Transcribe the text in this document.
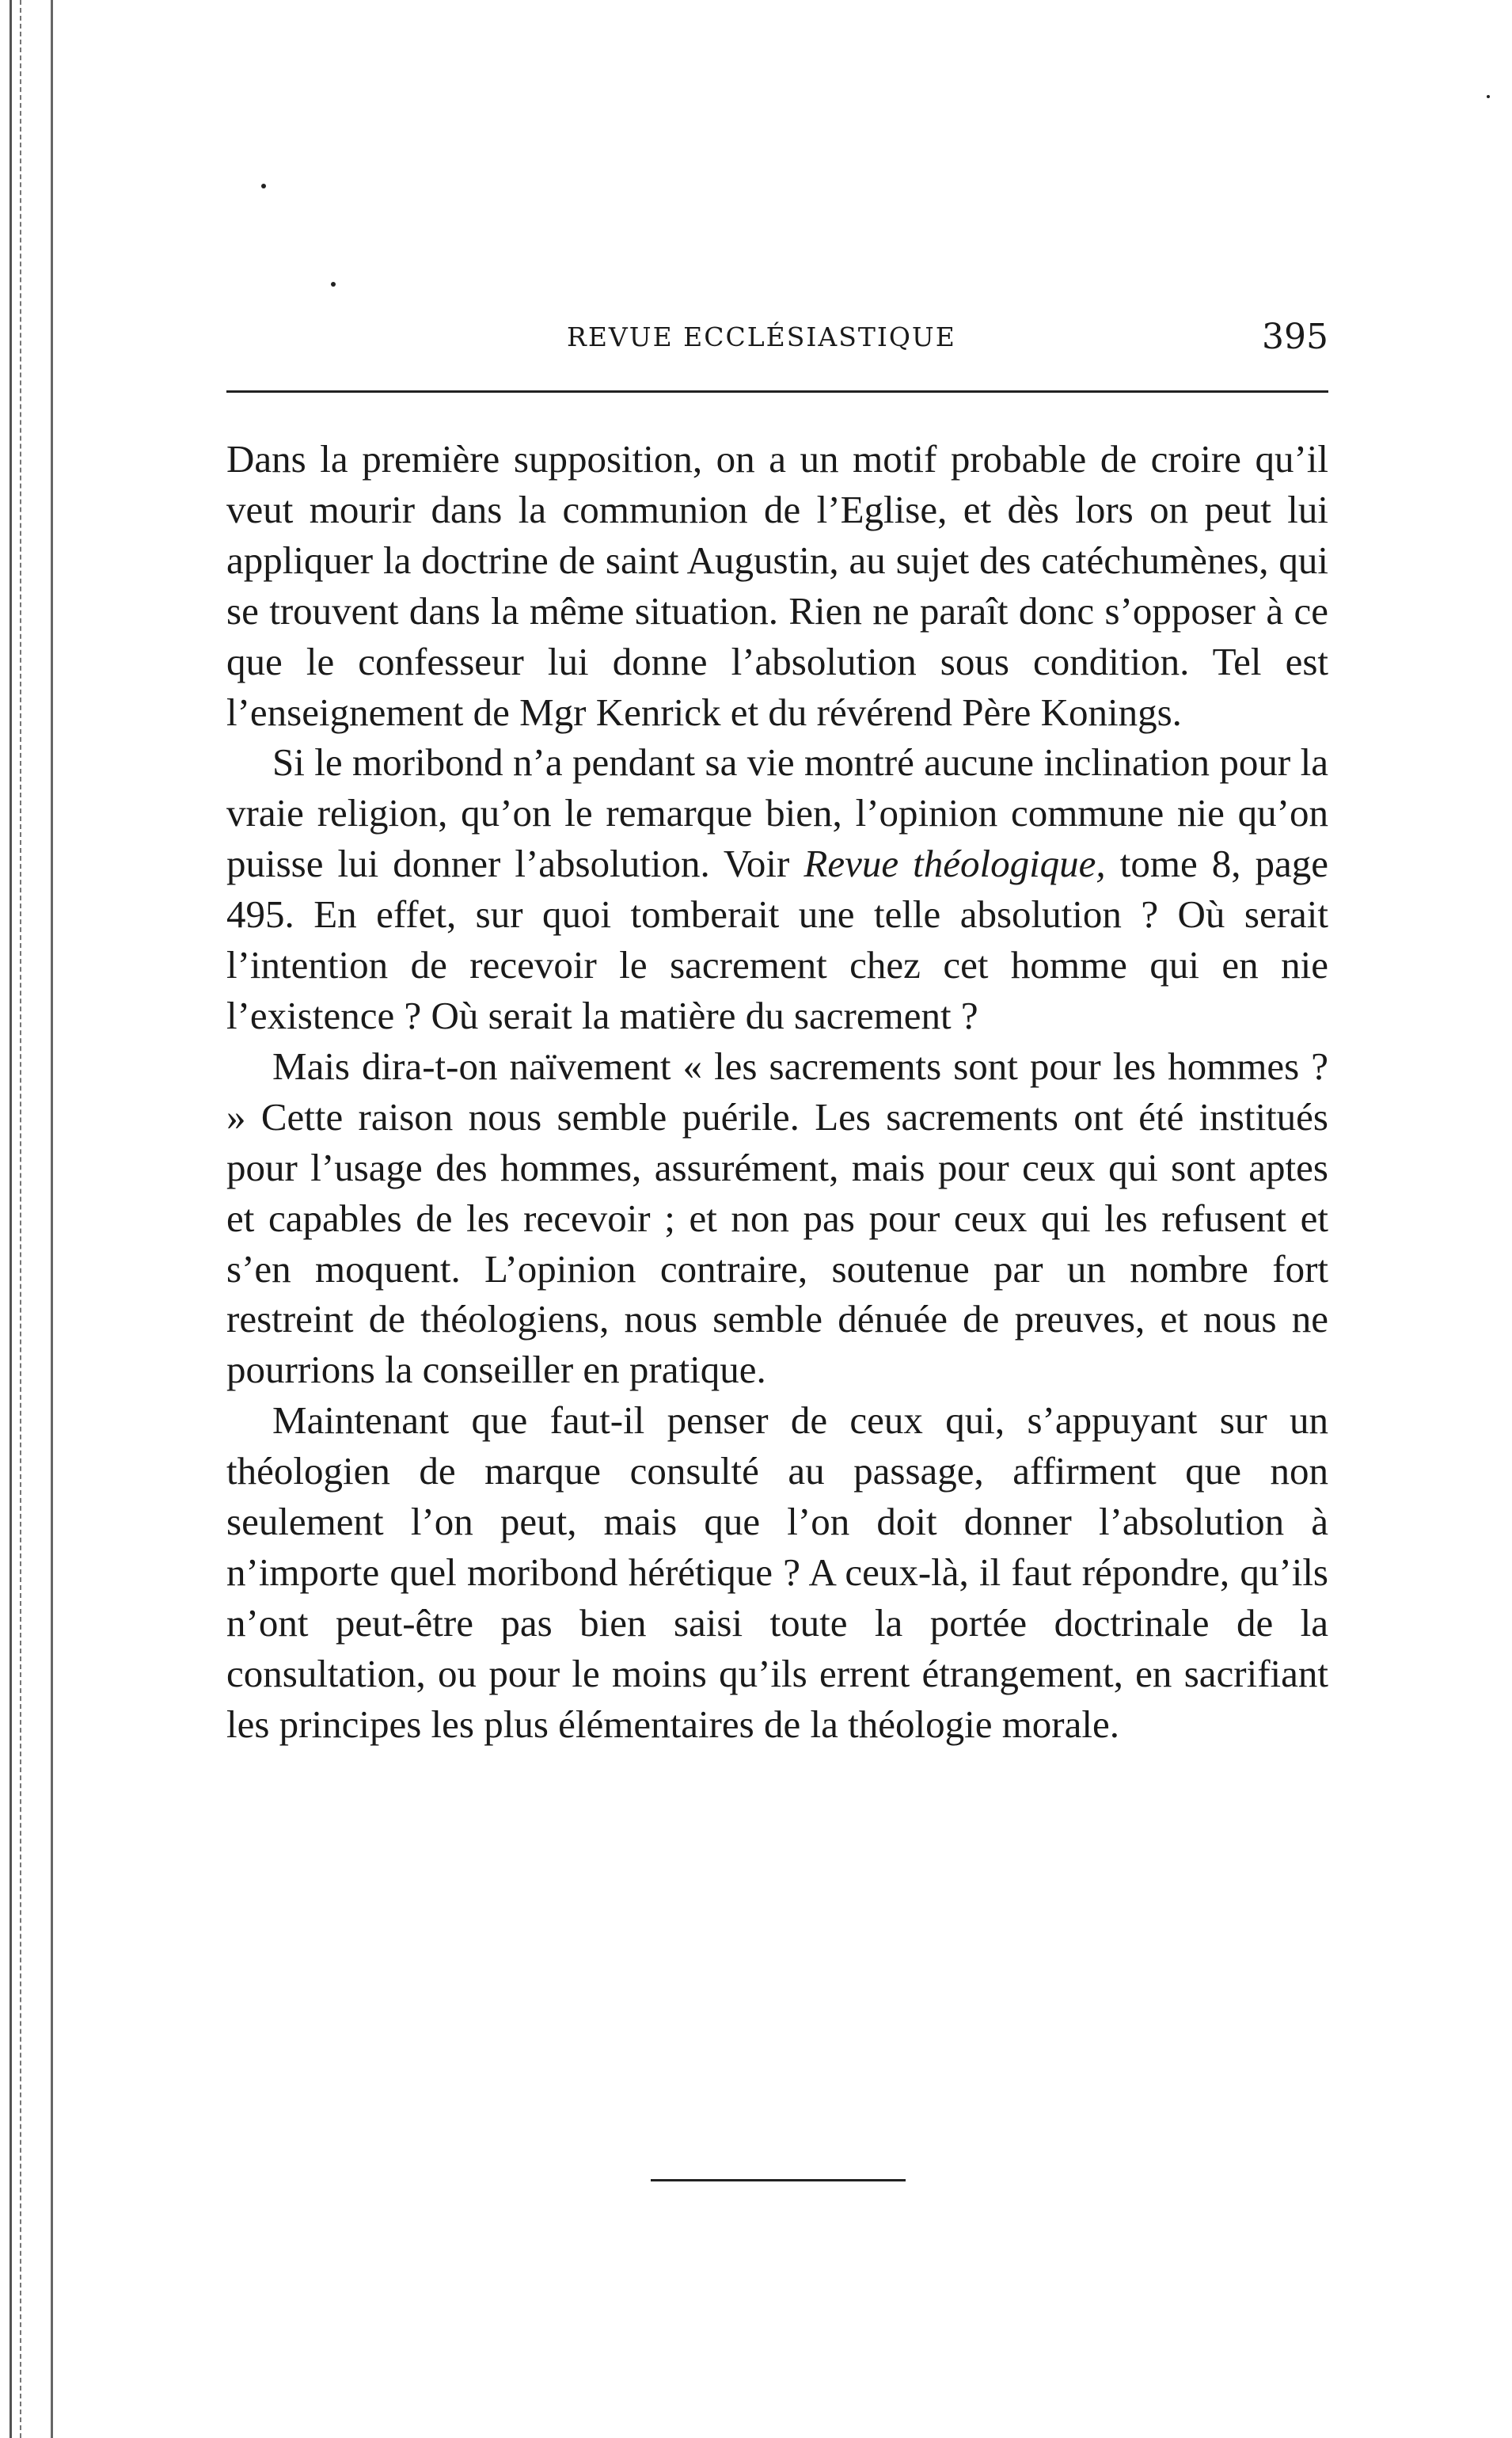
REVUE ECCLÉSIASTIQUE	395

Dans la première supposition, on a un motif probable de croire qu’il veut mourir dans la communion de l’Eglise, et dès lors on peut lui appliquer la doctrine de saint Augustin, au sujet des catéchumènes, qui se trouvent dans la même situation. Rien ne paraît donc s’opposer à ce que le confesseur lui donne l’absolution sous condition. Tel est l’enseignement de Mgr Kenrick et du révérend Père Konings.

Si le moribond n’a pendant sa vie montré aucune inclination pour la vraie religion, qu’on le remarque bien, l’opinion commune nie qu’on puisse lui donner l’absolution. Voir Revue théologique, tome 8, page 495. En effet, sur quoi tomberait une telle absolution ? Où serait l’intention de recevoir le sacrement chez cet homme qui en nie l’existence ? Où serait la matière du sacrement ?

Mais dira-t-on naïvement « les sacrements sont pour les hommes ? » Cette raison nous semble puérile. Les sacrements ont été institués pour l’usage des hommes, assurément, mais pour ceux qui sont aptes et capables de les recevoir ; et non pas pour ceux qui les refusent et s’en moquent. L’opinion contraire, soutenue par un nombre fort restreint de théologiens, nous semble dénuée de preuves, et nous ne pourrions la conseiller en pratique.

Maintenant que faut-il penser de ceux qui, s’appuyant sur un théologien de marque consulté au passage, affirment que non seulement l’on peut, mais que l’on doit donner l’absolution à n’importe quel moribond hérétique ? A ceux-là, il faut répondre, qu’ils n’ont peut-être pas bien saisi toute la portée doctrinale de la consultation, ou pour le moins qu’ils errent étrangement, en sacrifiant les principes les plus élémentaires de la théologie morale.
